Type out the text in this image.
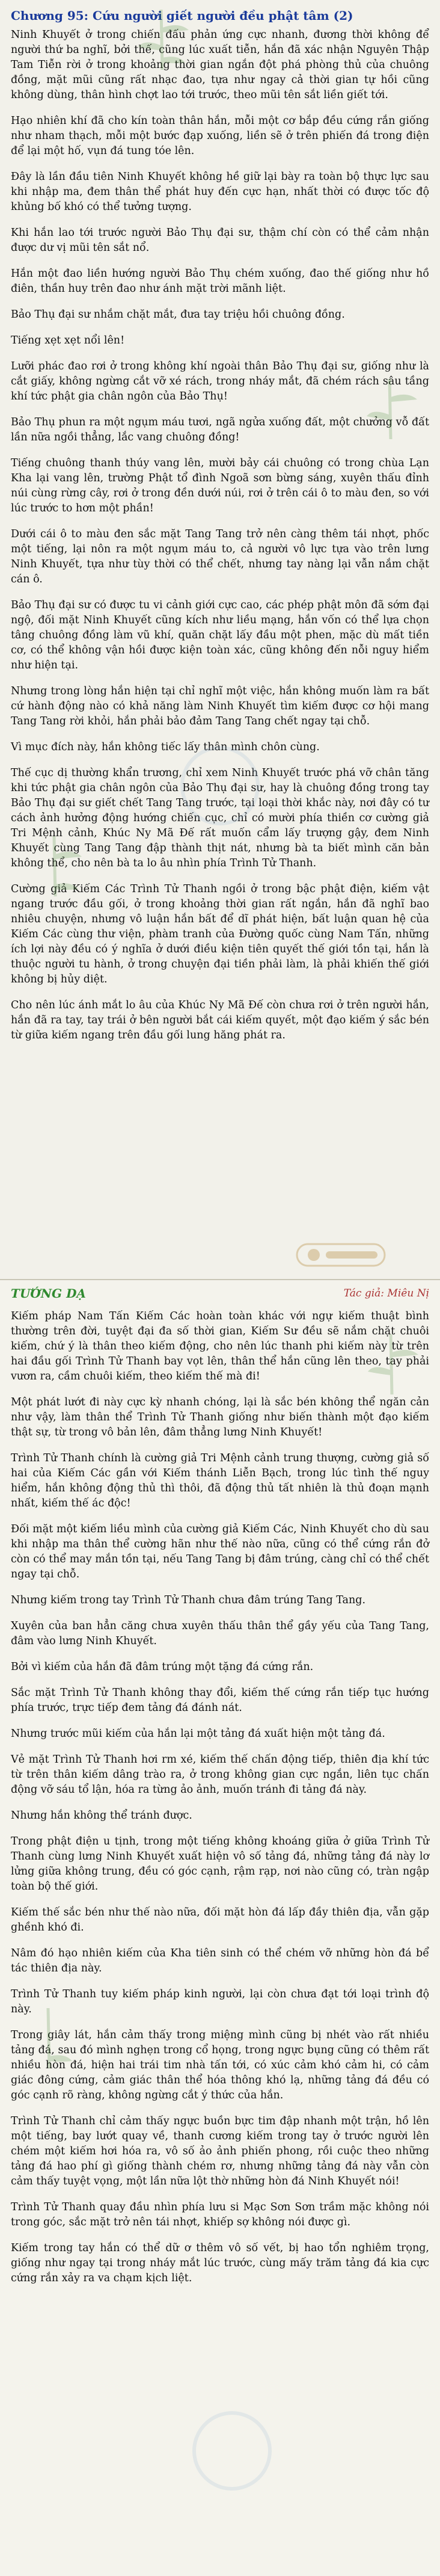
Chương 95: Cứu người giết người đều phật tâm (2)

Ninh Khuyết ở trong chiến đấu phản ứng cực nhanh, đương thời không để người thứ ba nghĩ, bởi thế, cũng lúc xuất tiễn, hắn đã xác nhận Nguyên Thập Tam Tiễn rời ở trong khoảng thời gian ngắn đột phá phòng thủ của chuông đồng, mặt mũi cũng rất nhạc đao, tựa như ngay cả thời gian tự hồi cũng không dùng, thân hình chợt lao tới trước, theo mũi tên sắt liền giết tới.

Hạo nhiên khí đã cho kín toàn thân hắn, mỗi một cơ bắp đều cứng rắn giống như nham thạch, mỗi một bước đạp xuống, liền sẽ ở trên phiến đá trong điện để lại một hố, vụn đá tung tóe lên.

Đây là lần đầu tiên Ninh Khuyết không hề giữ lại bày ra toàn bộ thực lực sau khi nhập ma, đem thân thể phát huy đến cực hạn, nhất thời có được tốc độ khủng bố khó có thể tưởng tượng.

Khi hắn lao tới trước người Bảo Thụ đại sư, thậm chí còn có thể cảm nhận được dư vị mũi tên sắt nổ.

Hắn một đao liền hướng người Bảo Thụ chém xuống, đao thế giống như hồ điên, thần huy trên đao như ánh mặt trời mãnh liệt.

Bảo Thụ đại sư nhắm chặt mắt, đưa tay triệu hồi chuông đồng.

Tiếng xẹt xẹt nổi lên!

Lưỡi phác đao rơi ở trong không khí ngoài thân Bảo Thụ đại sư, giống như là cắt giấy, không ngừng cắt vỡ xé rách, trong nháy mắt, đã chém rách sâu tầng khí tức phật gia chân ngôn của Bảo Thụ!

Bảo Thụ phun ra một ngụm máu tươi, ngã ngửa xuống đất, một chưởng vỗ đất lần nữa ngồi thẳng, lắc vang chuông đồng!

Tiếng chuông thanh thúy vang lên, mười bảy cái chuông có trong chùa Lạn Kha lại vang lên, trường Phật tổ đình Ngoã sơn bừng sáng, xuyên thấu đỉnh núi cùng rừng cây, rơi ở trong đền dưới núi, rơi ở trên cái ô to màu đen, so với lúc trước to hơn một phần!

Dưới cái ô to màu đen sắc mặt Tang Tang trở nên càng thêm tái nhợt, phốc một tiếng, lại nôn ra một ngụm máu to, cả người vô lực tựa vào trên lưng Ninh Khuyết, tựa như tùy thời có thể chết, nhưng tay nàng lại vẫn nắm chặt cán ô.

Bảo Thụ đại sư có được tu vi cảnh giới cực cao, các phép phật môn đã sớm đại ngộ, đối mặt Ninh Khuyết cũng kích như liều mạng, hắn vốn có thể lựa chọn tâng chuông đồng làm vũ khí, quăn chặt lấy đầu một phen, mặc dù mất tiền cơ, có thể không vận hồi được kiện toàn xác, cũng không đến nỗi nguy hiểm như hiện tại.

Nhưng trong lòng hắn hiện tại chỉ nghĩ một việc, hắn không muốn làm ra bất cứ hành động nào có khả năng làm Ninh Khuyết tìm kiếm được cơ hội mang Tang Tang rời khỏi, hắn phải bảo đảm Tang Tang chết ngay tại chỗ.

Vì mục đích này, hắn không tiếc lấy thân mình chôn cùng.

Thế cục dị thường khẩn trương, chỉ xem Ninh Khuyết trước phá vỡ chân tăng khi tức phật gia chân ngôn của Bảo Thụ đại sư, hay là chuông đồng trong tay Bảo Thụ đại sư giết chết Tang Tang trước, tại loại thời khắc này, nơi đây có tư cách ảnh hưởng động hướng chiến cục, chỉ có mười phía thiền cơ cường giả Tri Mệnh cảnh, Khúc Ny Mã Đế rất muốn cẩm lấy trượng gậy, đem Ninh Khuyết cùng Tang Tang đập thành thịt nát, nhưng bà ta biết mình căn bản không thể, cho nên bà ta lo âu nhìn phía Trình Tử Thanh.

Cường giả Kiếm Các Trình Tử Thanh ngồi ở trong bậc phật điện, kiếm vật ngang trước đầu gối, ở trong khoảng thời gian rất ngắn, hắn đã nghĩ bao nhiêu chuyện, nhưng vô luận hắn bất để dĩ phát hiện, bất luận quan hệ của Kiếm Các cùng thư viện, phàm tranh của Đường quốc cùng Nam Tấn, những ích lợi này đều có ý nghĩa ở dưới điều kiện tiên quyết thế giới tồn tại, hắn là thuộc người tu hành, ở trong chuyện đại tiền phải làm, là phải khiến thế giới không bị hủy diệt.

Cho nên lúc ánh mắt lo âu của Khúc Ny Mã Đế còn chưa rơi ở trên người hắn, hắn đã ra tay, tay trái ở bên người bắt cái kiếm quyết, một đạo kiếm ý sắc bén từ giữa kiếm ngang trên đầu gối lung hăng phát ra.

TƯỚNG DẠ	Tác giả: Miêu Nị

Kiếm pháp Nam Tấn Kiếm Các hoàn toàn khác với ngự kiếm thuật bình thường trên đời, tuyệt đại đa số thời gian, Kiếm Sư đều sẽ nắm chặt chuôi kiếm, chứ ý là thân theo kiếm động, cho nên lúc thanh phi kiếm này từ trên hai đầu gối Trình Tử Thanh bay vọt lên, thân thể hắn cũng lên theo, tay phải vươn ra, cầm chuôi kiếm, theo kiếm thế mà đi!

Một phát lướt đi này cực kỳ nhanh chóng, lại là sắc bén không thể ngăn cản như vậy, làm thân thể Trình Tử Thanh giống như biến thành một đạo kiếm thật sự, từ trong vô bản lên, đâm thẳng lưng Ninh Khuyết!

Trình Tử Thanh chính là cường giả Tri Mệnh cảnh trung thượng, cường giả số hai của Kiếm Các gần với Kiếm thánh Liễn Bạch, trong lúc tình thế nguy hiểm, hắn không động thủ thì thôi, đã động thủ tất nhiên là thủ đoạn mạnh nhất, kiếm thế ác độc!

Đối mặt một kiếm liều mình của cường giả Kiếm Các, Ninh Khuyết cho dù sau khi nhập ma thân thể cường hãn như thế nào nữa, cũng có thể cứng rắn đở còn có thể may mắn tồn tại, nếu Tang Tang bị đâm trúng, càng chỉ có thể chết ngay tại chỗ.

Nhưng kiếm trong tay Trình Tử Thanh chưa đâm trúng Tang Tang.

Xuyên của ban hẳn căng chưa xuyên thấu thân thể gầy yếu của Tang Tang, đâm vào lưng Ninh Khuyết.

Bởi vì kiếm của hắn đã đâm trúng một tặng đá cứng rắn.

Sắc mặt Trình Tử Thanh không thay đổi, kiếm thế cứng rắn tiếp tục hướng phía trước, trực tiếp đem tảng đá đánh nát.

Nhưng trước mũi kiếm của hắn lại một tảng đá xuất hiện một tảng đá.

Vẻ mặt Trình Tử Thanh hơi rm xé, kiếm thế chấn động tiếp, thiên địa khí tức từ trên thân kiếm dâng trào ra, ở trong không gian cực ngắn, liên tục chấn động vỡ sáu tổ lận, hóa ra từng ảo ảnh, muốn tránh đi tảng đá này.

Nhưng hắn không thể tránh được.

Trong phật điện u tịnh, trong một tiếng không khoáng giữa ở giữa Trình Tử Thanh cùng lưng Ninh Khuyết xuất hiện vô số tảng đá, những tảng đá này lơ lửng giữa không trung, đều có góc cạnh, rậm rạp, nơi nào cũng có, tràn ngập toàn bộ thế giới.

Kiếm thế sắc bén như thế nào nữa, đối mặt hòn đá lấp đầy thiên địa, vẫn gặp ghềnh khó đi.

Nâm đó hạo nhiên kiếm của Kha tiên sinh có thể chém vỡ những hòn đá bể tác thiên địa này.

Trình Tử Thanh tuy kiếm pháp kinh người, lại còn chưa đạt tới loại trình độ này.

Trong giây lát, hắn cảm thấy trong miệng mình cũng bị nhét vào rất nhiều tảng đá, sau đó mình nghẹn trong cổ họng, trong ngực bụng cũng có thêm rất nhiều hòn đá, hiện hai trái tim nhà tấn tới, có xúc cảm khó cảm hi, có cảm giác đông cứng, cảm giác thân thể hóa thông khó lạ, những tảng đá đều có góc cạnh rõ ràng, không ngừng cắt ý thức của hắn.

Trình Tử Thanh chỉ cảm thấy ngực buồn bực tim đập nhanh một trận, hồ lên một tiếng, bay lướt quay về, thanh cương kiếm trong tay ở trước người lên chém một kiếm hơi hóa ra, vô số ảo ảnh phiến phong, rồi cuộc theo những tảng đá hao phí gì giống thành chém rơ, nhưng những tảng đá này vẫn còn cảm thấy tuyệt vọng, một lần nữa lột thờ những hòn đá Ninh Khuyết nói!

Trình Tử Thanh quay đầu nhìn phía lưu si Mạc Sơn Sơn trầm mặc không nói trong góc, sắc mặt trở nên tái nhợt, khiếp sợ không nói được gì.

Kiếm trong tay hắn có thể dữ ơ thêm vô số vết, bị hao tổn nghiêm trọng, giống như ngay tại trong nháy mắt lúc trước, cùng mấy trăm tảng đá kia cực cứng rắn xảy ra va chạm kịch liệt.
